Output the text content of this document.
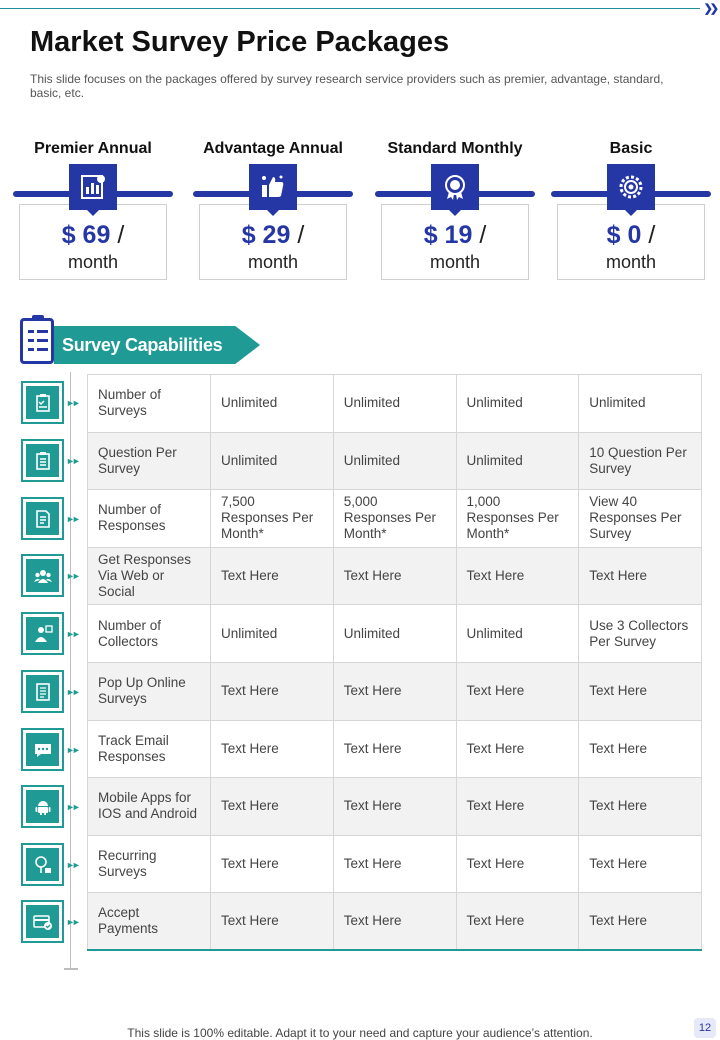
❯❯
Market Survey Price Packages

This slide focuses on the packages offered by survey research service providers such as premier, advantage, standard, basic, etc.

Premier Annual
$ 69 /
month
Advantage Annual
$ 29 /
month
Standard Monthly
$ 19 /
month
Basic
$ 0 /
month
Survey Capabilities
►►
►►
►►
►►
►►
►►
►►
►►
►►
►►
Number of Surveys	Unlimited	Unlimited	Unlimited	Unlimited
Question Per Survey	Unlimited	Unlimited	Unlimited	10 Question Per Survey
Number of Responses	7,500 Responses Per Month*	5,000 Responses Per Month*	1,000 Responses Per Month*	View 40 Responses Per Survey
Get Responses Via Web or Social	Text Here	Text Here	Text Here	Text Here
Number of Collectors	Unlimited	Unlimited	Unlimited	Use 3 Collectors Per Survey
Pop Up Online Surveys	Text Here	Text Here	Text Here	Text Here
Track Email Responses	Text Here	Text Here	Text Here	Text Here
Mobile Apps for IOS and Android	Text Here	Text Here	Text Here	Text Here
Recurring Surveys	Text Here	Text Here	Text Here	Text Here
Accept Payments	Text Here	Text Here	Text Here	Text Here
This slide is 100% editable. Adapt it to your need and capture your audience’s attention.	12
